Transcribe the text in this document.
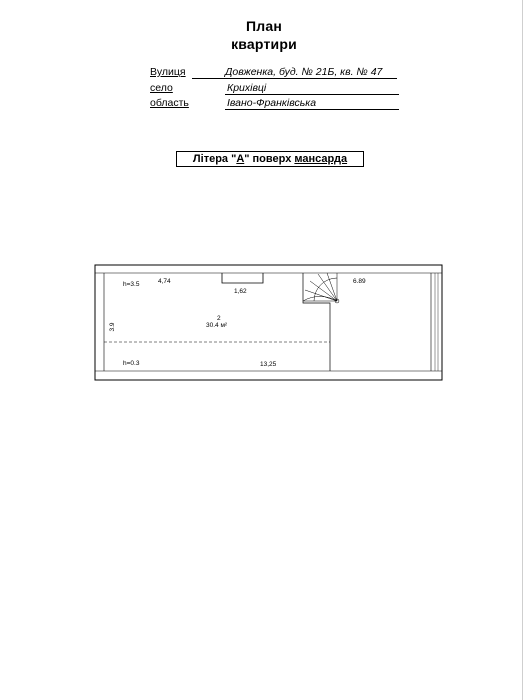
План
квартири
Вулиця	Довженка, буд. № 21Б, кв. № 47
село	Крихівці
область	Івано-Франківська
Літера "А" поверх мансарда
h=3.5	4,74
1,62
6.89
3.9
2
30.4 м²
h=0.3	13,25
